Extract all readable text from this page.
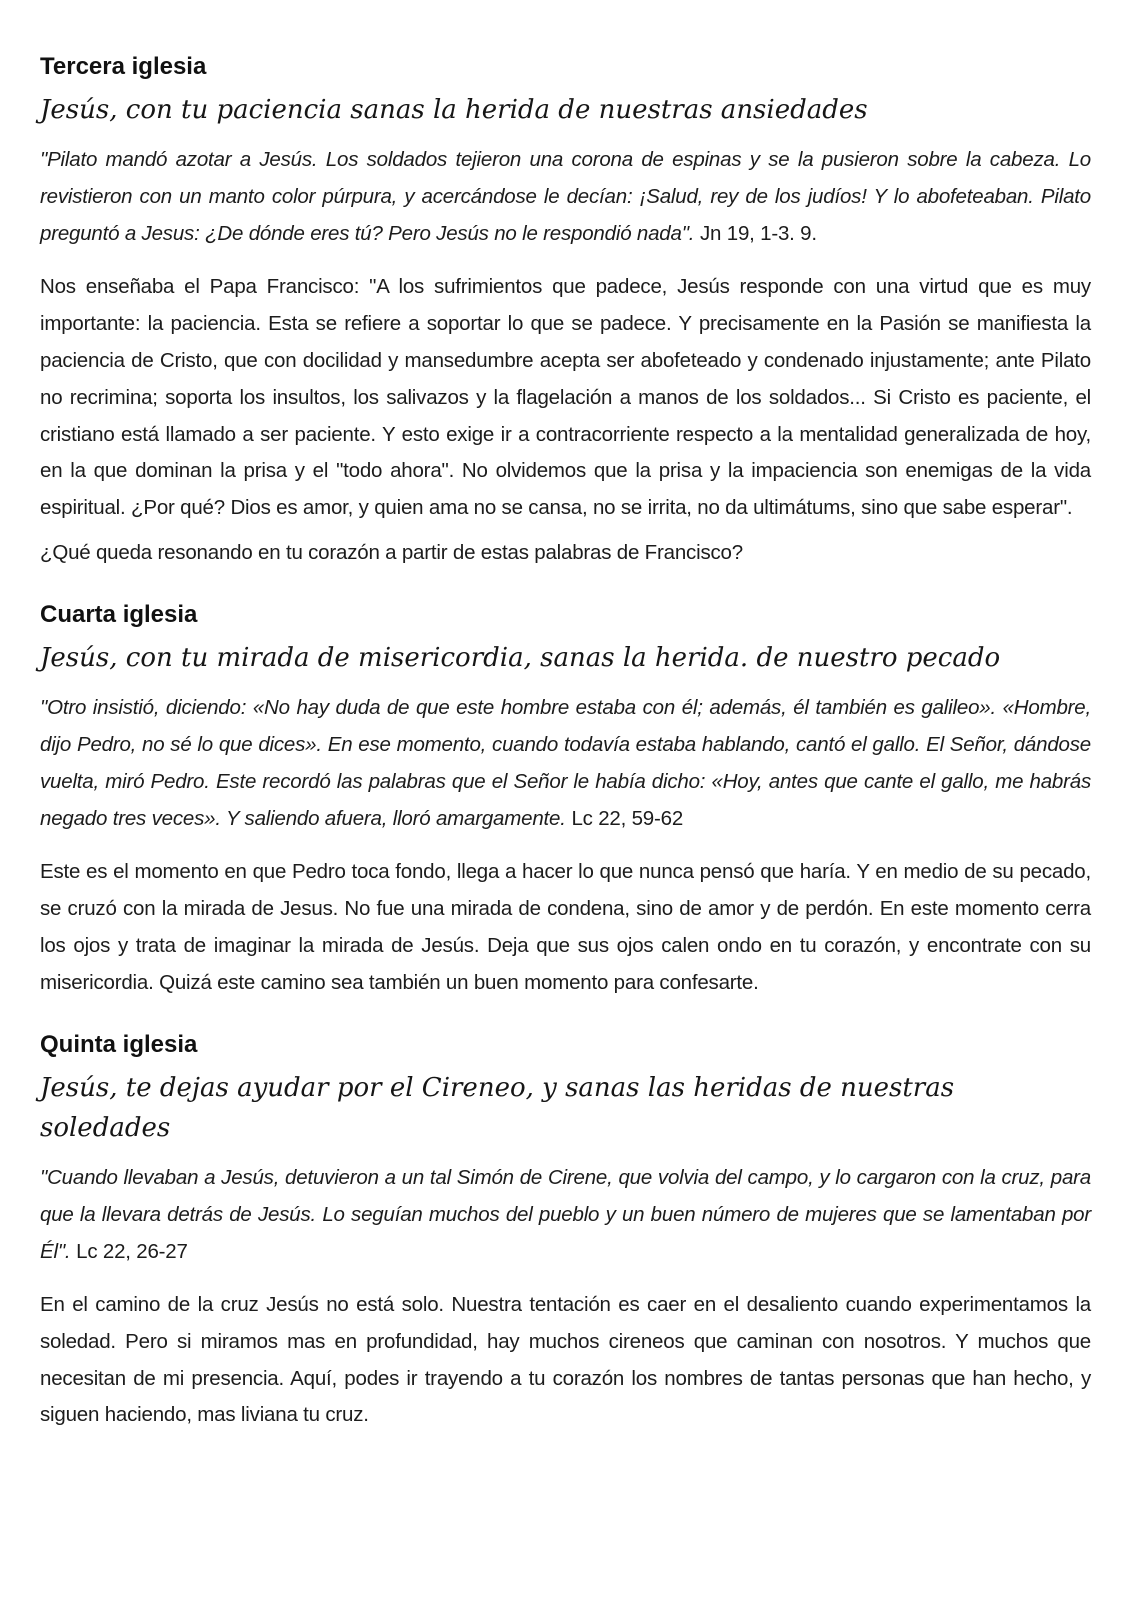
Tercera iglesia

Jesús, con tu paciencia sanas la herida de nuestras ansiedades

"Pilato mandó azotar a Jesús. Los soldados tejieron una corona de espinas y se la pusieron sobre la cabeza. Lo revistieron con un manto color púrpura, y acercándose le decían: ¡Salud, rey de los judíos! Y lo abofeteaban. Pilato preguntó a Jesus: ¿De dónde eres tú? Pero Jesús no le respondió nada". Jn 19, 1-3. 9.

Nos enseñaba el Papa Francisco: "A los sufrimientos que padece, Jesús responde con una virtud que es muy importante: la paciencia. Esta se refiere a soportar lo que se padece. Y precisamente en la Pasión se manifiesta la paciencia de Cristo, que con docilidad y mansedumbre acepta ser abofeteado y condenado injustamente; ante Pilato no recrimina; soporta los insultos, los salivazos y la flagelación a manos de los soldados... Si Cristo es paciente, el cristiano está llamado a ser paciente. Y esto exige ir a contracorriente respecto a la mentalidad generalizada de hoy, en la que dominan la prisa y el "todo ahora". No olvidemos que la prisa y la impaciencia son enemigas de la vida espiritual. ¿Por qué? Dios es amor, y quien ama no se cansa, no se irrita, no da ultimátums, sino que sabe esperar".

¿Qué queda resonando en tu corazón a partir de estas palabras de Francisco?

Cuarta iglesia

Jesús, con tu mirada de misericordia, sanas la herida. de nuestro pecado

"Otro insistió, diciendo: «No hay duda de que este hombre estaba con él; además, él también es galileo». «Hombre, dijo Pedro, no sé lo que dices». En ese momento, cuando todavía estaba hablando, cantó el gallo. El Señor, dándose vuelta, miró Pedro. Este recordó las palabras que el Señor le había dicho: «Hoy, antes que cante el gallo, me habrás negado tres veces». Y saliendo afuera, lloró amargamente. Lc 22, 59-62

Este es el momento en que Pedro toca fondo, llega a hacer lo que nunca pensó que haría. Y en medio de su pecado, se cruzó con la mirada de Jesus. No fue una mirada de condena, sino de amor y de perdón. En este momento cerra los ojos y trata de imaginar la mirada de Jesús. Deja que sus ojos calen ondo en tu corazón, y encontrate con su misericordia. Quizá este camino sea también un buen momento para confesarte.

Quinta iglesia

Jesús, te dejas ayudar por el Cireneo, y sanas las heridas de nuestras soledades

"Cuando llevaban a Jesús, detuvieron a un tal Simón de Cirene, que volvia del campo, y lo cargaron con la cruz, para que la llevara detrás de Jesús. Lo seguían muchos del pueblo y un buen número de mujeres que se lamentaban por Él". Lc 22, 26-27

En el camino de la cruz Jesús no está solo. Nuestra tentación es caer en el desaliento cuando experimentamos la soledad. Pero si miramos mas en profundidad, hay muchos cireneos que caminan con nosotros. Y muchos que necesitan de mi presencia. Aquí, podes ir trayendo a tu corazón los nombres de tantas personas que han hecho, y siguen haciendo, mas liviana tu cruz.
